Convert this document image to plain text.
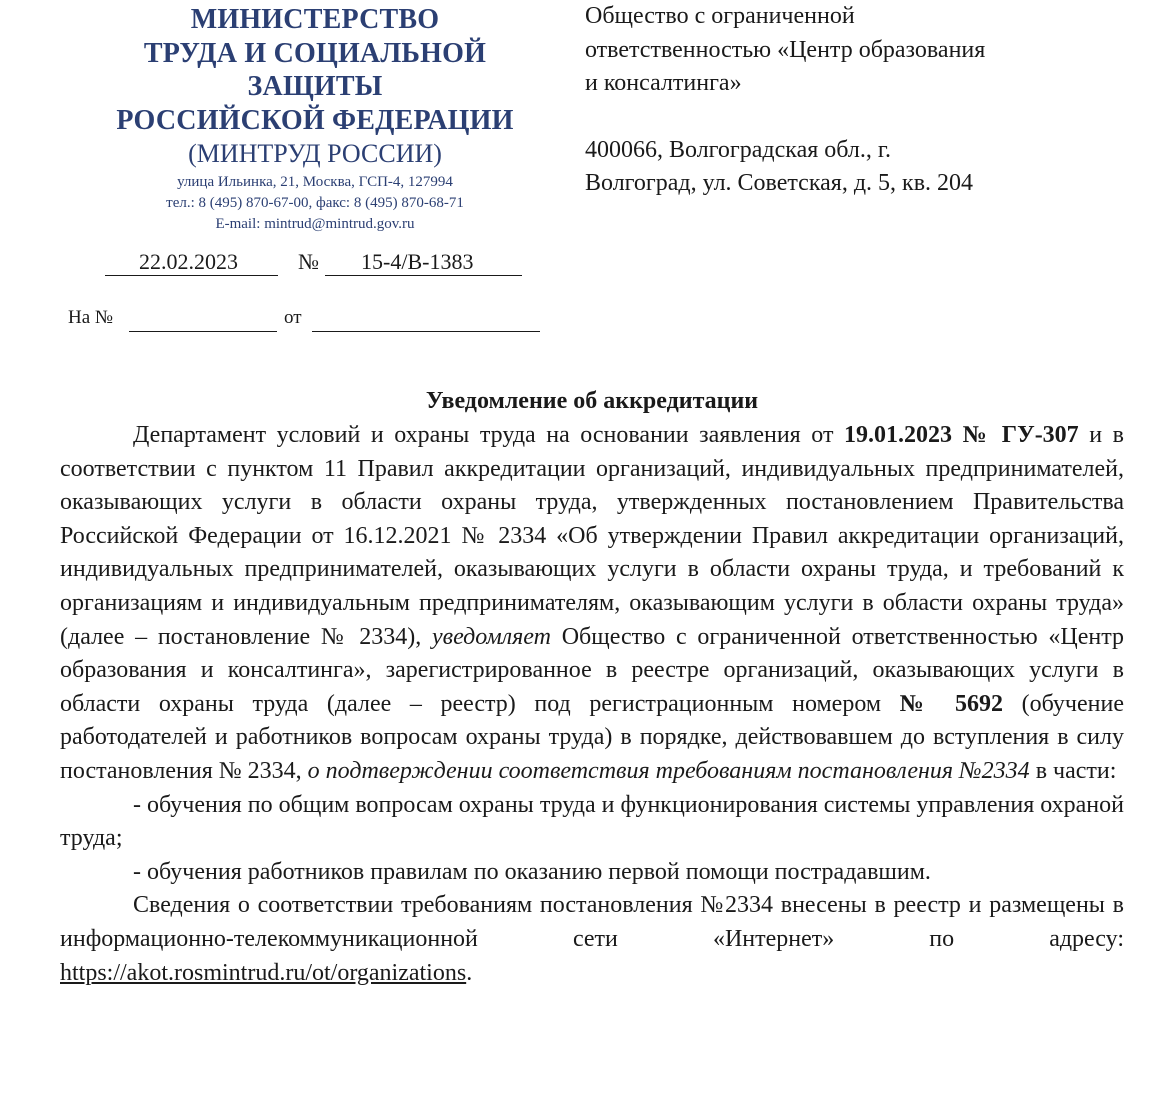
МИНИСТЕРСТВО
ТРУДА И СОЦИАЛЬНОЙ
ЗАЩИТЫ
РОССИЙСКОЙ ФЕДЕРАЦИИ
(МИНТРУД РОССИИ)
улица Ильинка, 21, Москва, ГСП-4, 127994
тел.: 8 (495) 870-67-00, факс: 8 (495) 870-68-71
E-mail: mintrud@mintrud.gov.ru
22.02.2023	№ 15-4/В-1383
На №	от
Общество с ограниченной
ответственностью «Центр образования
и консалтинга»
400066, Волгоградская обл., г.
Волгоград, ул. Советская, д. 5, кв. 204
Уведомление об аккредитации

Департамент условий и охраны труда на основании заявления от 19.01.2023 № ГУ-307 и в соответствии с пунктом 11 Правил аккредитации организаций, индивидуальных предпринимателей, оказывающих услуги в области охраны труда, утвержденных постановлением Правительства Российской Федерации от 16.12.2021 № 2334 «Об утверждении Правил аккредитации организаций, индивидуальных предпринимателей, оказывающих услуги в области охраны труда, и требований к организациям и индивидуальным предпринимателям, оказывающим услуги в области охраны труда» (далее – постановление № 2334), уведомляет Общество с ограниченной ответственностью «Центр образования и консалтинга», зарегистрированное в реестре организаций, оказывающих услуги в области охраны труда (далее – реестр) под регистрационным номером № 5692 (обучение работодателей и работников вопросам охраны труда) в порядке, действовавшем до вступления в силу постановления № 2334, о подтверждении соответствия требованиям постановления №2334 в части:

- обучения по общим вопросам охраны труда и функционирования системы управления охраной труда;

- обучения работников правилам по оказанию первой помощи пострадавшим.

Сведения о соответствии требованиям постановления №2334 внесены в реестр и размещены в информационно-телекоммуникационной сети «Интернет» по адресу: https://akot.rosmintrud.ru/ot/organizations.
